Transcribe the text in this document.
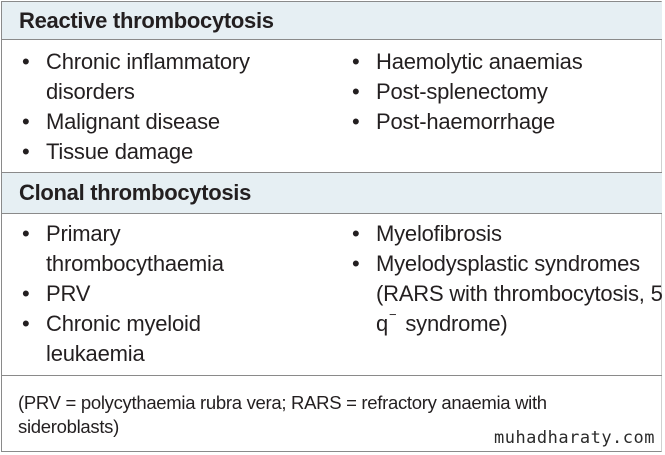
Reactive thrombocytosis
• Chronic inflammatory disorders
• Malignant disease
• Tissue damage
• Haemolytic anaemias
• Post-splenectomy
• Post-haemorrhage
Clonal thrombocytosis
• Primary thrombocythaemia
• PRV
• Chronic myeloid leukaemia
• Myelofibrosis
• Myelodysplastic syndromes (RARS with thrombocytosis, 5 q− syndrome)
(PRV = polycythaemia rubra vera; RARS = refractory anaemia with sideroblasts)
muhadharaty.com
